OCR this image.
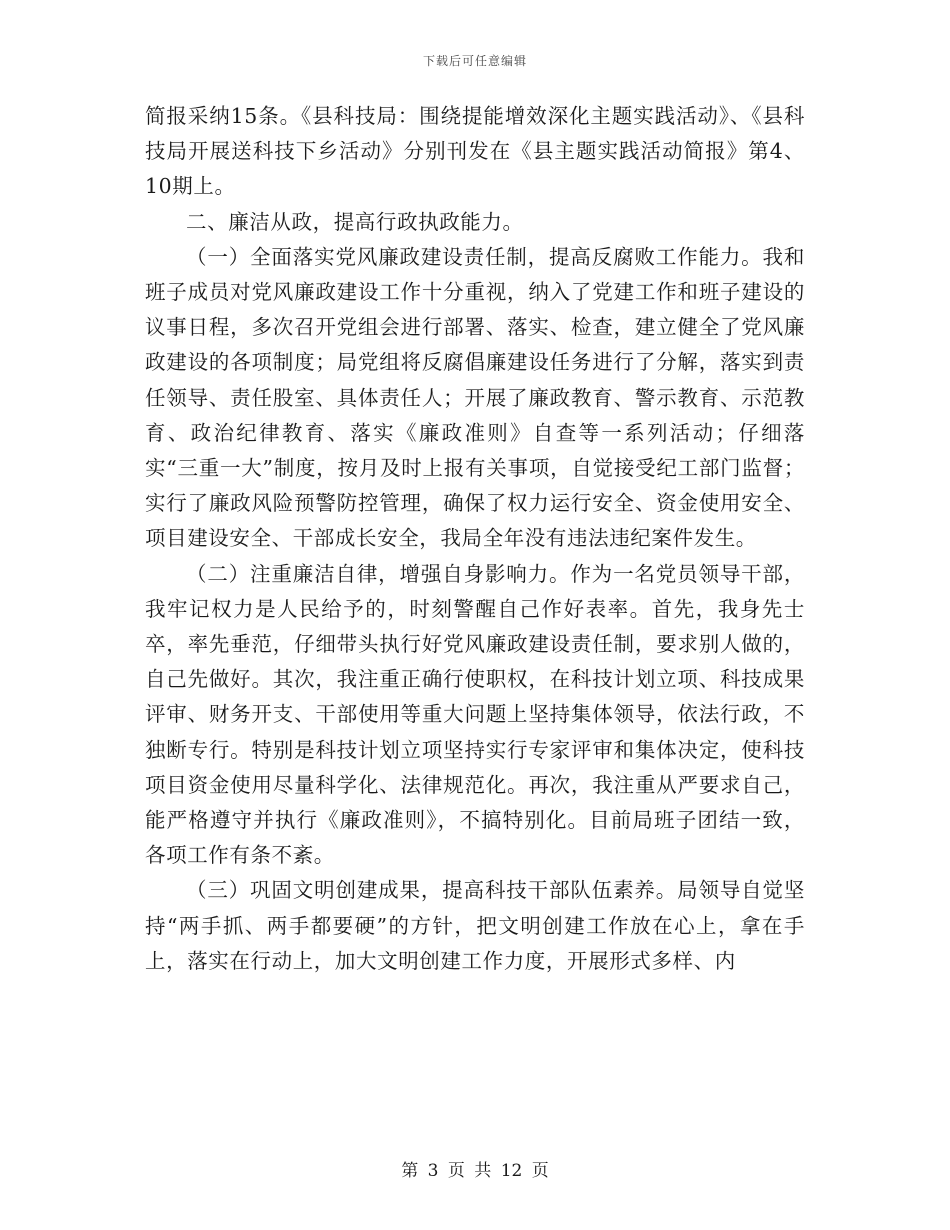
下载后可任意编辑

简报采纳15条。《县科技局：围绕提能增效深化主题实践活动》、《县科技局开展送科技下乡活动》分别刊发在《县主题实践活动简报》第4、10期上。

二、廉洁从政，提高行政执政能力。

（一）全面落实党风廉政建设责任制，提高反腐败工作能力。我和班子成员对党风廉政建设工作十分重视，纳入了党建工作和班子建设的议事日程，多次召开党组会进行部署、落实、检查，建立健全了党风廉政建设的各项制度；局党组将反腐倡廉建设任务进行了分解，落实到责任领导、责任股室、具体责任人；开展了廉政教育、警示教育、示范教育、政治纪律教育、落实《廉政准则》自查等一系列活动；仔细落实“三重一大”制度，按月及时上报有关事项，自觉接受纪工部门监督；实行了廉政风险预警防控管理，确保了权力运行安全、资金使用安全、项目建设安全、干部成长安全，我局全年没有违法违纪案件发生。

（二）注重廉洁自律，增强自身影响力。作为一名党员领导干部，我牢记权力是人民给予的，时刻警醒自己作好表率。首先，我身先士卒，率先垂范，仔细带头执行好党风廉政建设责任制，要求别人做的，自己先做好。其次，我注重正确行使职权，在科技计划立项、科技成果评审、财务开支、干部使用等重大问题上坚持集体领导，依法行政，不独断专行。特别是科技计划立项坚持实行专家评审和集体决定，使科技项目资金使用尽量科学化、法律规范化。再次，我注重从严要求自己，能严格遵守并执行《廉政准则》，不搞特别化。目前局班子团结一致，各项工作有条不紊。

（三）巩固文明创建成果，提高科技干部队伍素养。局领导自觉坚持“两手抓、两手都要硬”的方针，把文明创建工作放在心上，拿在手上，落实在行动上，加大文明创建工作力度，开展形式多样、内

第 3 页 共 12 页
